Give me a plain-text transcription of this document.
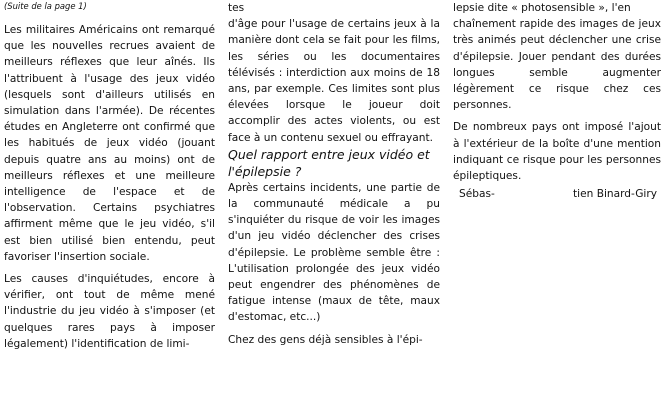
(Suite de la page 1)

Les militaires Américains ont remarqué que les nouvelles recrues avaient de meilleurs réflexes que leur aînés. Ils l'attribuent à l'usage des jeux vidéo (lesquels sont d'ailleurs utilisés en simulation dans l'armée). De récentes études en Angleterre ont confirmé que les habitués de jeux vidéo (jouant depuis quatre ans au moins) ont de meilleurs réflexes et une meilleure intelligence de l'espace et de l'observation. Certains psychiatres affirment même que le jeu vidéo, s'il est bien utilisé bien entendu, peut favoriser l'insertion sociale.

Les causes d'inquiétudes, encore à vérifier, ont tout de même mené l'industrie du jeu vidéo à s'imposer (et quelques rares pays à imposer légalement) l'identification de limi-

tes

d'âge pour l'usage de certains jeux à la manière dont cela se fait pour les films, les séries ou les documentaires télévisés : interdiction aux moins de 18 ans, par exemple. Ces limites sont plus élevées lorsque le joueur doit accomplir des actes violents, ou est face à un contenu sexuel ou effrayant.

Quel rapport entre jeux vidéo et l'épilepsie ?

Après certains incidents, une partie de la communauté médicale a pu s'inquiéter du risque de voir les images d'un jeu vidéo déclencher des crises d'épilepsie. Le problème semble être : L'utilisation prolongée des jeux vidéo peut engendrer des phénomènes de fatigue intense (maux de tête, maux d'estomac, etc...)

Chez des gens déjà sensibles à l'épi-

lepsie dite « photosensible », l'en

chaînement rapide des images de jeux très animés peut déclencher une crise d'épilepsie. Jouer pendant des durées longues semble augmenter légèrement ce risque chez ces personnes.

De nombreux pays ont imposé l'ajout à l'extérieur de la boîte d'une mention indiquant ce risque pour les personnes épileptiques.

Sébas-	tien Binard-Giry
